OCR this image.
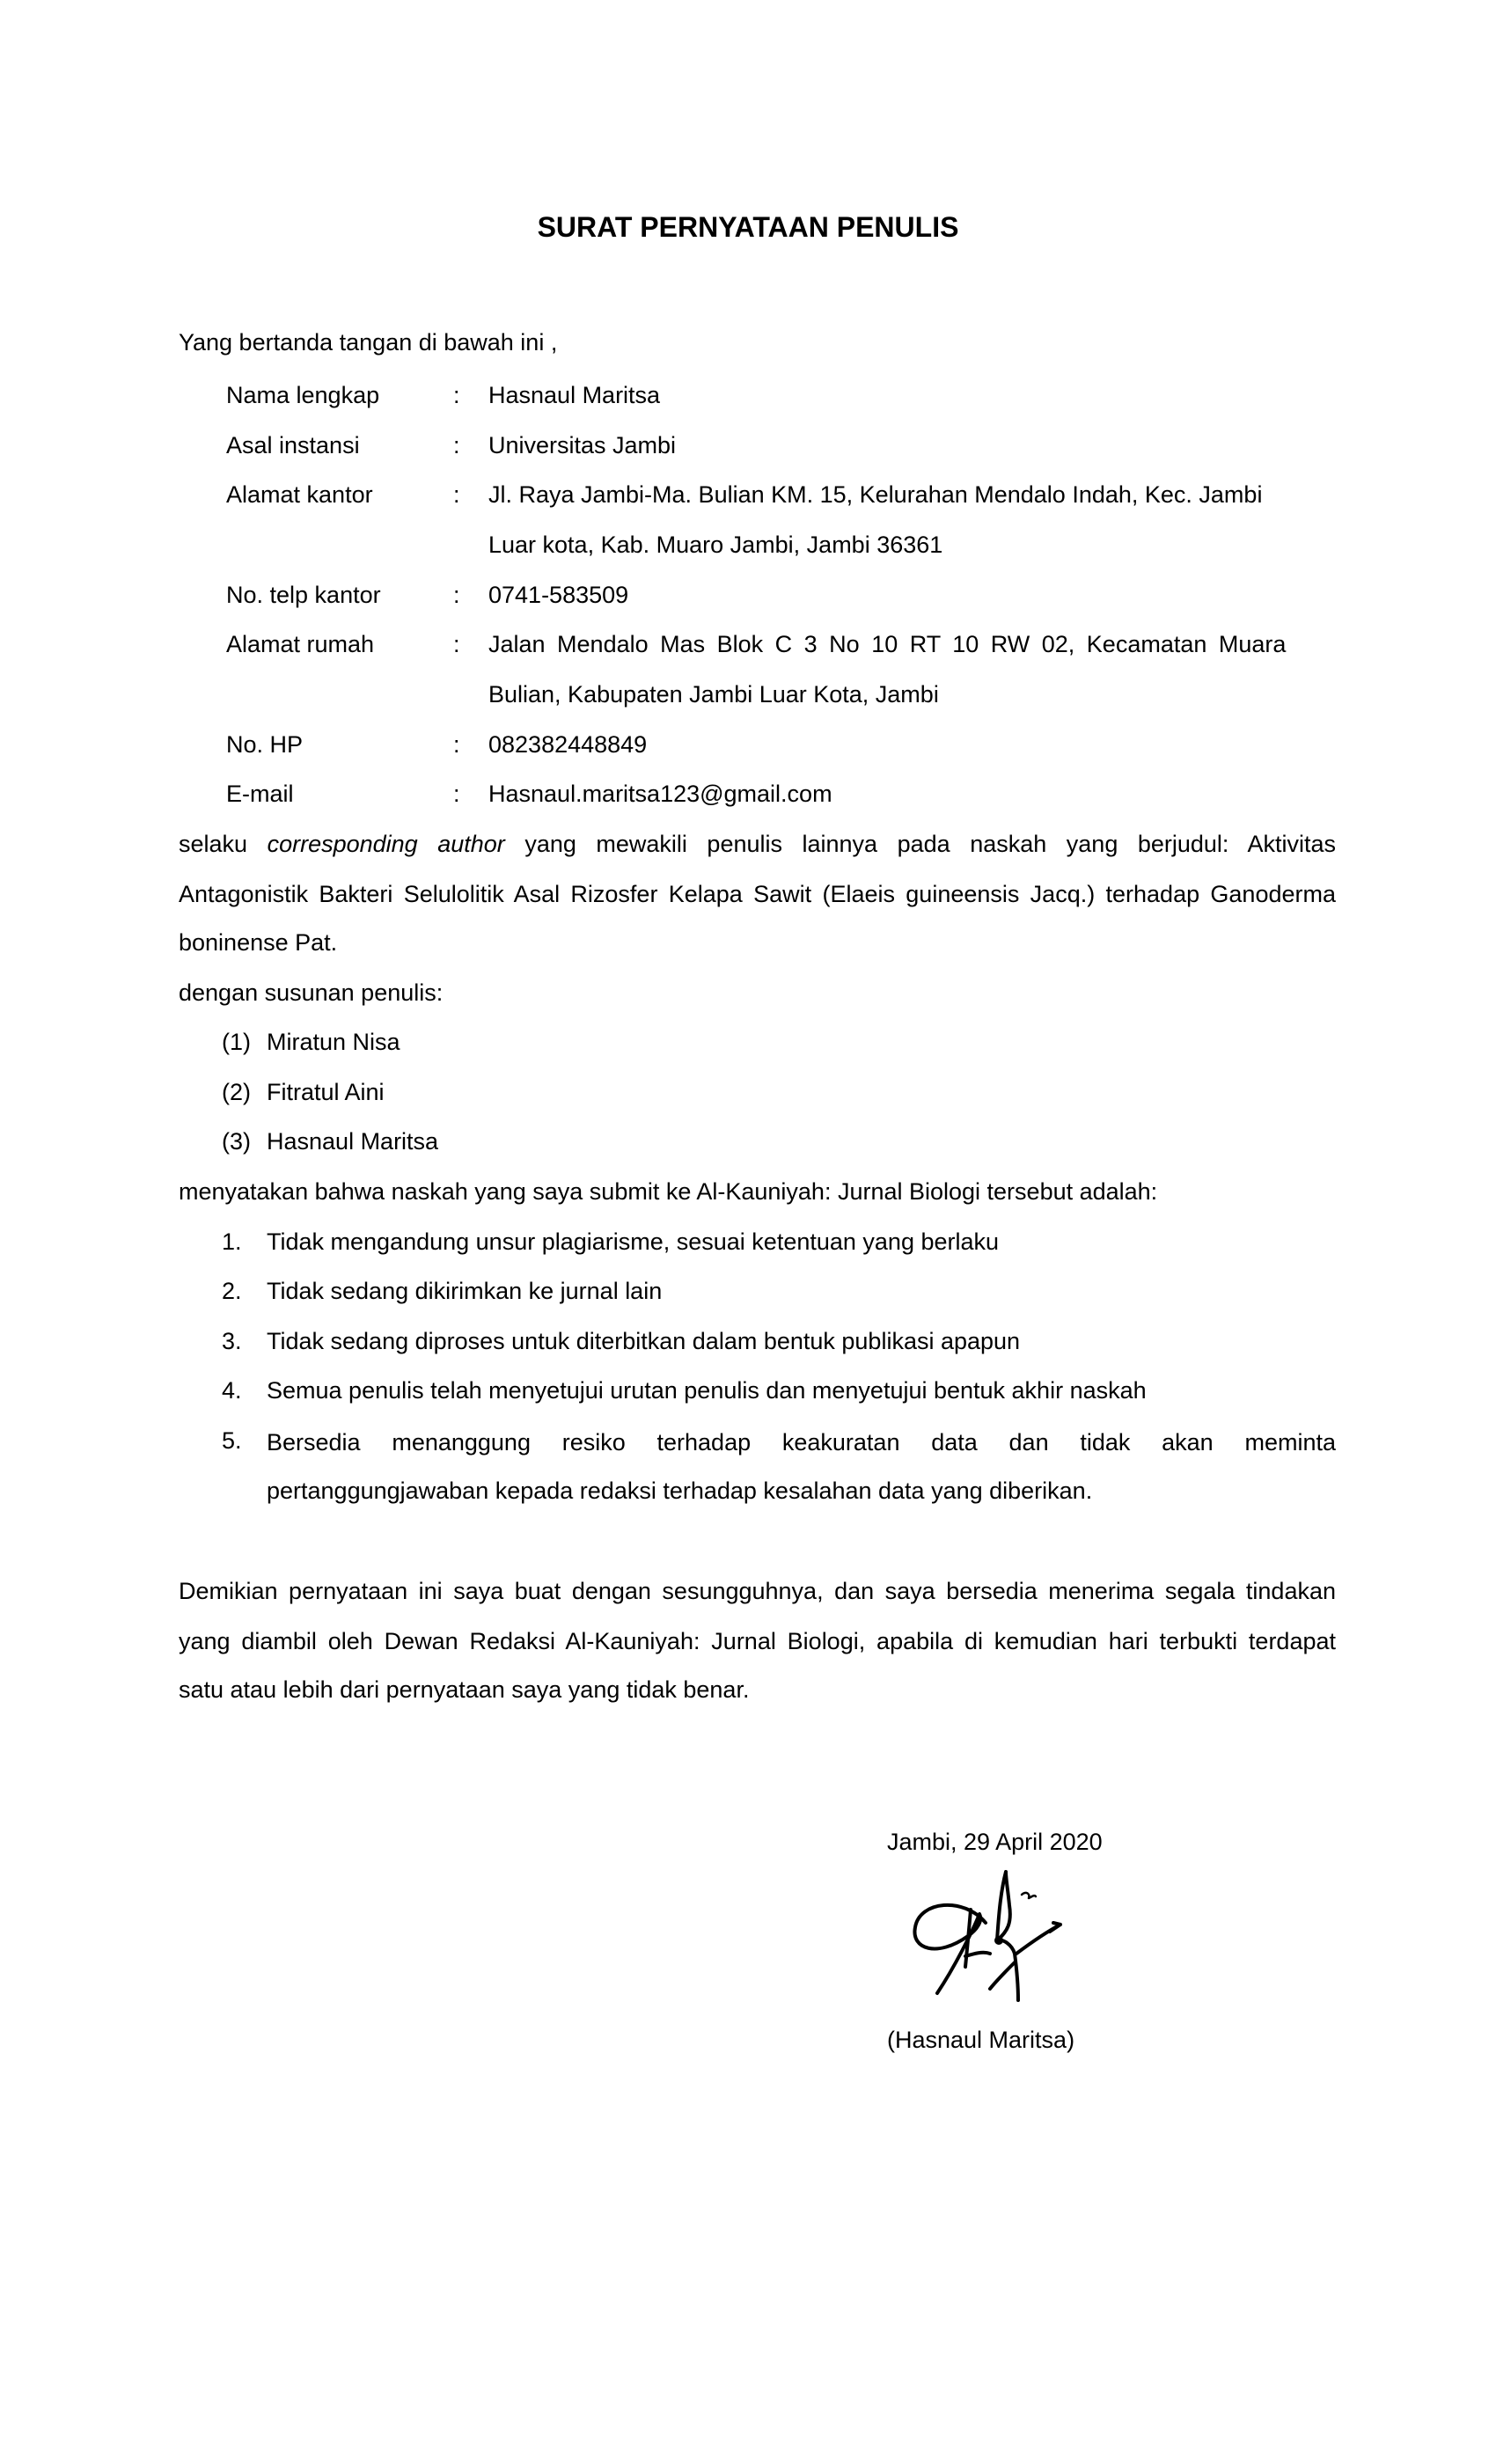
SURAT PERNYATAAN PENULIS
Yang bertanda tangan di bawah ini ,
Nama lengkap	: Hasnaul Maritsa
Asal instansi	: Universitas Jambi
Alamat kantor	: Jl. Raya Jambi-Ma. Bulian KM. 15, Kelurahan Mendalo Indah, Kec. Jambi
Luar kota, Kab. Muaro Jambi, Jambi 36361
No. telp kantor	: 0741-583509
Alamat rumah	: Jalan Mendalo Mas Blok C 3 No 10 RT 10 RW 02, Kecamatan Muara
Bulian, Kabupaten Jambi Luar Kota, Jambi
No. HP	: 082382448849
E-mail	: Hasnaul.maritsa123@gmail.com
selaku corresponding author yang mewakili penulis lainnya pada naskah yang berjudul: Aktivitas
Antagonistik Bakteri Selulolitik Asal Rizosfer Kelapa Sawit (Elaeis guineensis Jacq.) terhadap Ganoderma
boninense Pat.
dengan susunan penulis:
(1) Miratun Nisa
(2) Fitratul Aini
(3) Hasnaul Maritsa
menyatakan bahwa naskah yang saya submit ke Al-Kauniyah: Jurnal Biologi tersebut adalah:
1. Tidak mengandung unsur plagiarisme, sesuai ketentuan yang berlaku
2. Tidak sedang dikirimkan ke jurnal lain
3. Tidak sedang diproses untuk diterbitkan dalam bentuk publikasi apapun
4. Semua penulis telah menyetujui urutan penulis dan menyetujui bentuk akhir naskah
5. Bersedia menanggung resiko terhadap keakuratan data dan tidak akan meminta
pertanggungjawaban kepada redaksi terhadap kesalahan data yang diberikan.
Demikian pernyataan ini saya buat dengan sesungguhnya, dan saya bersedia menerima segala tindakan
yang diambil oleh Dewan Redaksi Al-Kauniyah: Jurnal Biologi, apabila di kemudian hari terbukti terdapat
satu atau lebih dari pernyataan saya yang tidak benar.
Jambi, 29 April 2020
(Hasnaul Maritsa)
